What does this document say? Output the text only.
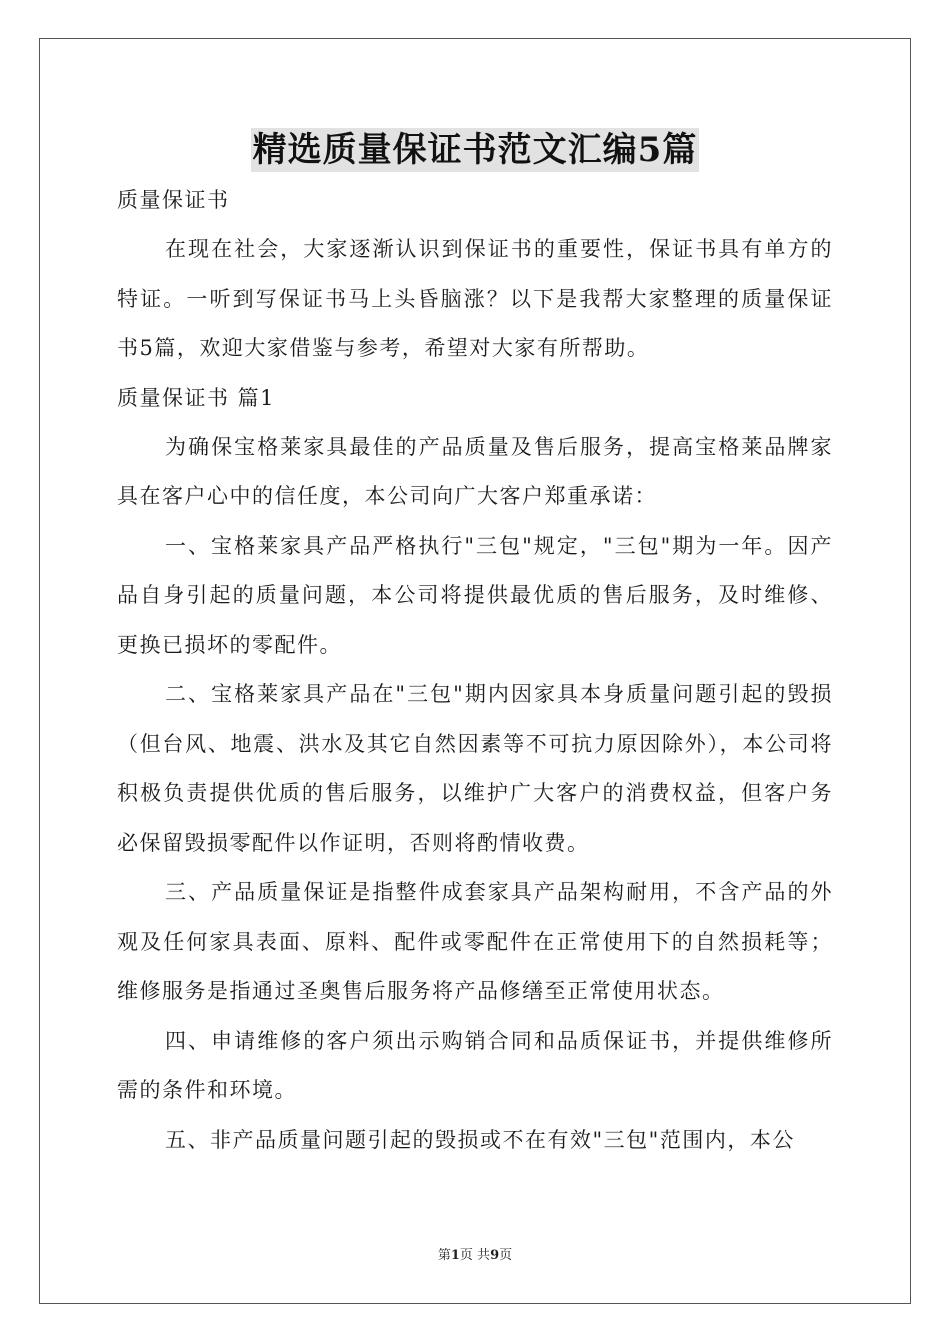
精选质量保证书范文汇编5篇

质量保证书

在现在社会，大家逐渐认识到保证书的重要性，保证书具有单方的特证。一听到写保证书马上头昏脑涨？以下是我帮大家整理的质量保证书5篇，欢迎大家借鉴与参考，希望对大家有所帮助。

质量保证书 篇1

为确保宝格莱家具最佳的产品质量及售后服务，提高宝格莱品牌家具在客户心中的信任度，本公司向广大客户郑重承诺：

一、宝格莱家具产品严格执行"三包"规定，"三包"期为一年。因产品自身引起的质量问题，本公司将提供最优质的售后服务，及时维修、更换已损坏的零配件。

二、宝格莱家具产品在"三包"期内因家具本身质量问题引起的毁损（但台风、地震、洪水及其它自然因素等不可抗力原因除外），本公司将积极负责提供优质的售后服务，以维护广大客户的消费权益，但客户务必保留毁损零配件以作证明，否则将酌情收费。

三、产品质量保证是指整件成套家具产品架构耐用，不含产品的外观及任何家具表面、原料、配件或零配件在正常使用下的自然损耗等；维修服务是指通过圣奥售后服务将产品修缮至正常使用状态。

四、申请维修的客户须出示购销合同和品质保证书，并提供维修所需的条件和环境。

五、非产品质量问题引起的毁损或不在有效"三包"范围内，本公

第1页 共9页
